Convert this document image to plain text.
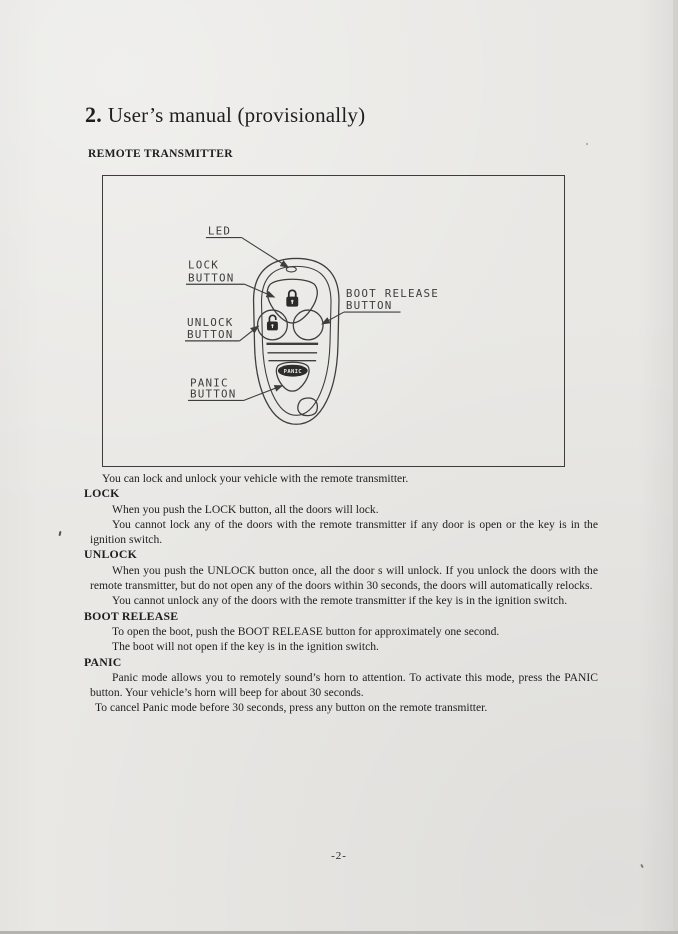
2. User’s manual (provisionally)
REMOTE TRANSMITTER
PANIC
LED
LOCK
BUTTON
UNLOCK
BUTTON
BOOT RELEASE
BUTTON
PANIC
BUTTON

You can lock and unlock your vehicle with the remote transmitter.

LOCK

When you push the LOCK button, all the doors will lock.

You cannot lock any of the doors with the remote transmitter if any door is open or the key is in the ignition switch.

UNLOCK

When you push the UNLOCK button once, all the door s will unlock. If you unlock the doors with the remote transmitter, but do not open any of the doors within 30 seconds, the doors will automatically relocks.

You cannot unlock any of the doors with the remote transmitter if the key is in the ignition switch.

BOOT RELEASE

To open the boot, push the BOOT RELEASE button for approximately one second.

The boot will not open if the key is in the ignition switch.

PANIC

Panic mode allows you to remotely sound’s horn to attention. To activate this mode, press the PANIC button. Your vehicle’s horn will beep for about 30 seconds.

To cancel Panic mode before 30 seconds, press any button on the remote transmitter.

-2-
